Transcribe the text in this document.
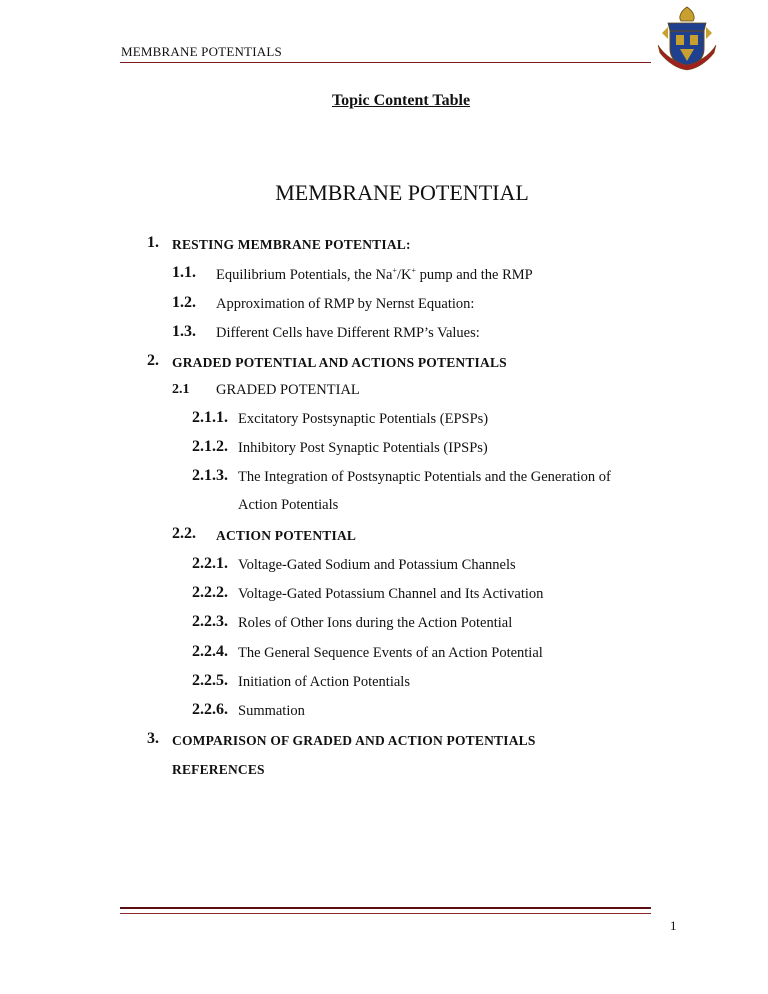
MEMBRANE POTENTIALS
Topic Content Table
MEMBRANE POTENTIAL
1. RESTING MEMBRANE POTENTIAL:
1.1. Equilibrium Potentials, the Na+/K+ pump and the RMP
1.2. Approximation of RMP by Nernst Equation:
1.3. Different Cells have Different RMP’s Values:
2. GRADED POTENTIAL AND ACTIONS POTENTIALS
2.1 GRADED POTENTIAL
2.1.1. Excitatory Postsynaptic Potentials (EPSPs)
2.1.2. Inhibitory Post Synaptic Potentials (IPSPs)
2.1.3. The Integration of Postsynaptic Potentials and the Generation of
Action Potentials
2.2. ACTION POTENTIAL
2.2.1. Voltage-Gated Sodium and Potassium Channels
2.2.2. Voltage-Gated Potassium Channel and Its Activation
2.2.3. Roles of Other Ions during the Action Potential
2.2.4. The General Sequence Events of an Action Potential
2.2.5. Initiation of Action Potentials
2.2.6. Summation
3. COMPARISON OF GRADED AND ACTION POTENTIALS
REFERENCES
1
